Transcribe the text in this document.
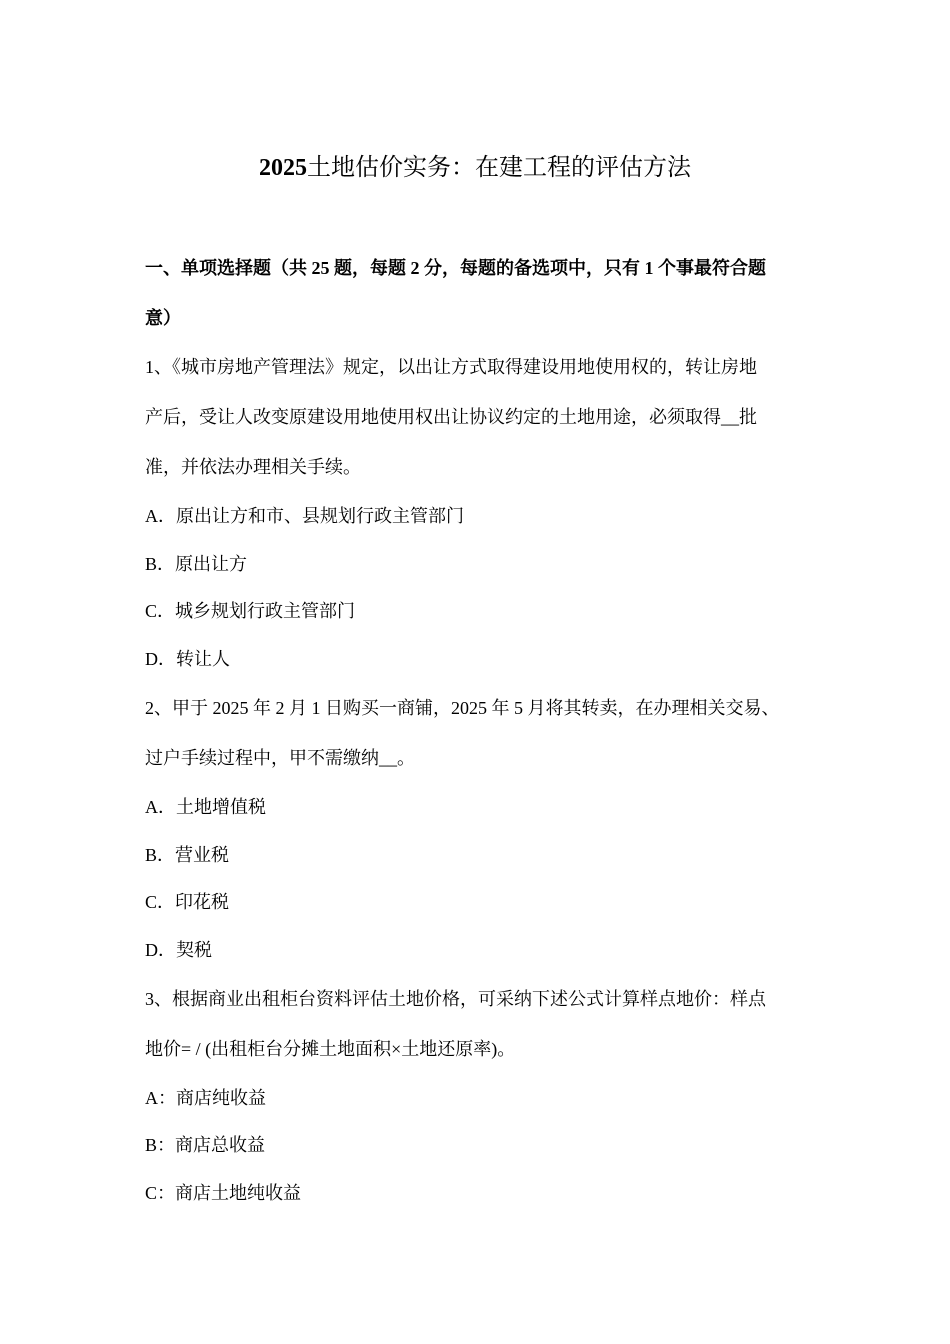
2025土地估价实务：在建工程的评估方法
一、单项选择题（共 25 题，每题 2 分，每题的备选项中，只有 1 个事最符合题
意）
1、《城市房地产管理法》规定，以出让方式取得建设用地使用权的，转让房地
产后，受让人改变原建设用地使用权出让协议约定的土地用途，必须取得__批
准，并依法办理相关手续。
A．原出让方和市、县规划行政主管部门
B．原出让方
C．城乡规划行政主管部门
D．转让人
2、甲于 2025 年 2 月 1 日购买一商铺，2025 年 5 月将其转卖，在办理相关交易、
过户手续过程中，甲不需缴纳__。
A．土地增值税
B．营业税
C．印花税
D．契税
3、根据商业出租柜台资料评估土地价格，可采纳下述公式计算样点地价：样点
地价= / (出租柜台分摊土地面积×土地还原率)。
A：商店纯收益
B：商店总收益
C：商店土地纯收益
